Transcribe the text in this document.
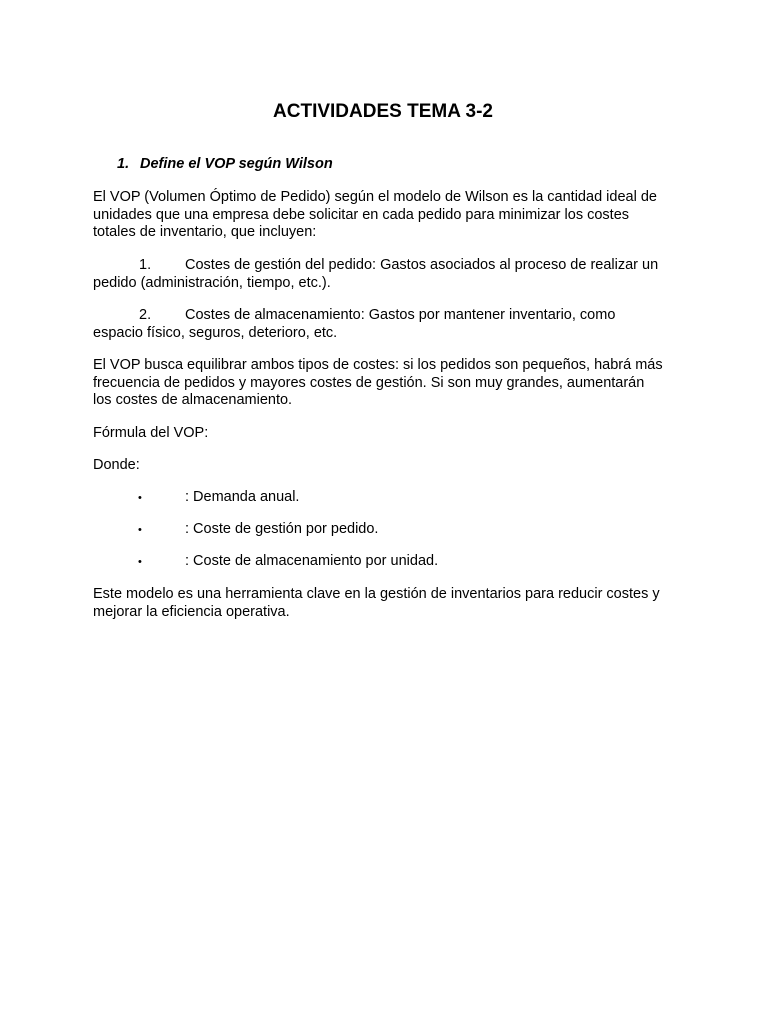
ACTIVIDADES TEMA 3-2
1. Define el VOP según Wilson

El VOP (Volumen Óptimo de Pedido) según el modelo de Wilson es la cantidad ideal de unidades que una empresa debe solicitar en cada pedido para minimizar los costes totales de inventario, que incluyen:

1. Costes de gestión del pedido: Gastos asociados al proceso de realizar un pedido (administración, tiempo, etc.).
2. Costes de almacenamiento: Gastos por mantener inventario, como espacio físico, seguros, deterioro, etc.

El VOP busca equilibrar ambos tipos de costes: si los pedidos son pequeños, habrá más frecuencia de pedidos y mayores costes de gestión. Si son muy grandes, aumentarán los costes de almacenamiento.

Fórmula del VOP:

Donde:

•	: Demanda anual.
•	: Coste de gestión por pedido.
•	: Coste de almacenamiento por unidad.

Este modelo es una herramienta clave en la gestión de inventarios para reducir costes y mejorar la eficiencia operativa.
